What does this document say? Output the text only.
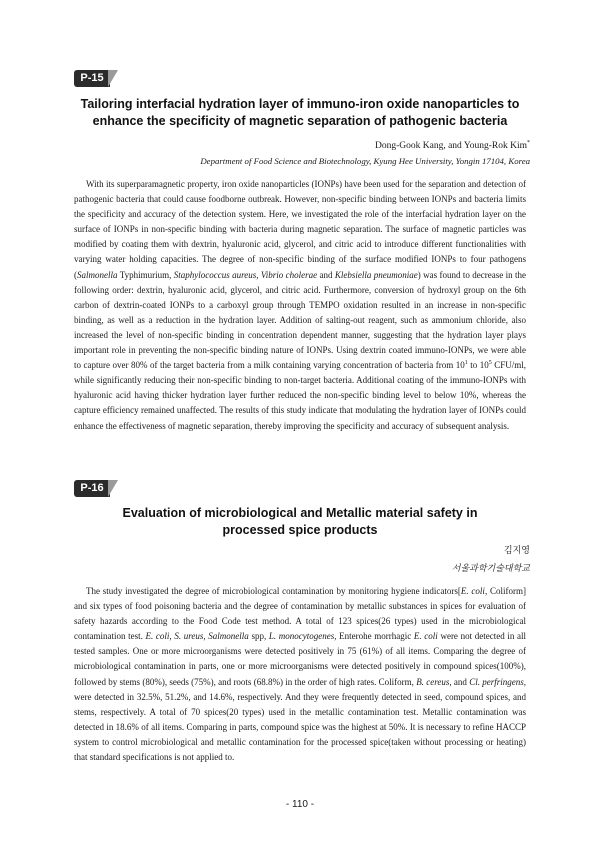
P-15
Tailoring interfacial hydration layer of immuno-iron oxide nanoparticles to
enhance the specificity of magnetic separation of pathogenic bacteria
Dong-Gook Kang, and Young-Rok Kim*
Department of Food Science and Biotechnology, Kyung Hee University, Yongin 17104, Korea

With its superparamagnetic property, iron oxide nanoparticles (IONPs) have been used for the separation and detection of pathogenic bacteria that could cause foodborne outbreak. However, non-specific binding between IONPs and bacteria limits the specificity and accuracy of the detection system. Here, we investigated the role of the interfacial hydration layer on the surface of IONPs in non-specific binding with bacteria during magnetic separation. The surface of magnetic particles was modified by coating them with dextrin, hyaluronic acid, glycerol, and citric acid to introduce different functionalities with varying water holding capacities. The degree of non-specific binding of the surface modified IONPs to four pathogens (Salmonella Typhimurium, Staphylococcus aureus, Vibrio cholerae and Klebsiella pneumoniae) was found to decrease in the following order: dextrin, hyaluronic acid, glycerol, and citric acid. Furthermore, conversion of hydroxyl group on the 6th carbon of dextrin-coated IONPs to a carboxyl group through TEMPO oxidation resulted in an increase in non-specific binding, as well as a reduction in the hydration layer. Addition of salting-out reagent, such as ammonium chloride, also increased the level of non-specific binding in concentration dependent manner, suggesting that the hydration layer plays important role in preventing the non-specific binding nature of IONPs. Using dextrin coated immuno-IONPs, we were able to capture over 80% of the target bacteria from a milk containing varying concentration of bacteria from $10^1$ to $10^5$ CFU/ml, while significantly reducing their non-specific binding to non-target bacteria. Additional coating of the immuno-IONPs with hyaluronic acid having thicker hydration layer further reduced the non-specific binding level to below 10%, whereas the capture efficiency remained unaffected. The results of this study indicate that modulating the hydration layer of IONPs could enhance the effectiveness of magnetic separation, thereby improving the specificity and accuracy of subsequent analysis.

P-16
Evaluation of microbiological and Metallic material safety in
processed spice products
김지영
서울과학기술대학교

The study investigated the degree of microbiological contamination by monitoring hygiene indicators[E. coli, Coliform] and six types of food poisoning bacteria and the degree of contamination by metallic substances in spices for evaluation of safety hazards according to the Food Code test method. A total of 123 spices(26 types) used in the microbiological contamination test. E. coli, S. ureus, Salmonella spp, L. monocytogenes, Enterohe morrhagic E. coli were not detected in all tested samples. One or more microorganisms were detected positively in 75 (61%) of all items. Comparing the degree of microbiological contamination in parts, one or more microorganisms were detected positively in compound spices(100%), followed by stems (80%), seeds (75%), and roots (68.8%) in the order of high rates. Coliform, B. cereus, and Cl. perfringens, were detected in 32.5%, 51.2%, and 14.6%, respectively. And they were frequently detected in seed, compound spices, and stems, respectively. A total of 70 spices(20 types) used in the metallic contamination test. Metallic contamination was detected in 18.6% of all items. Comparing in parts, compound spice was the highest at 50%. It is necessary to refine HACCP system to control microbiological and metallic contamination for the processed spice(taken without processing or heating) that standard specifications is not applied to.

- 110 -
